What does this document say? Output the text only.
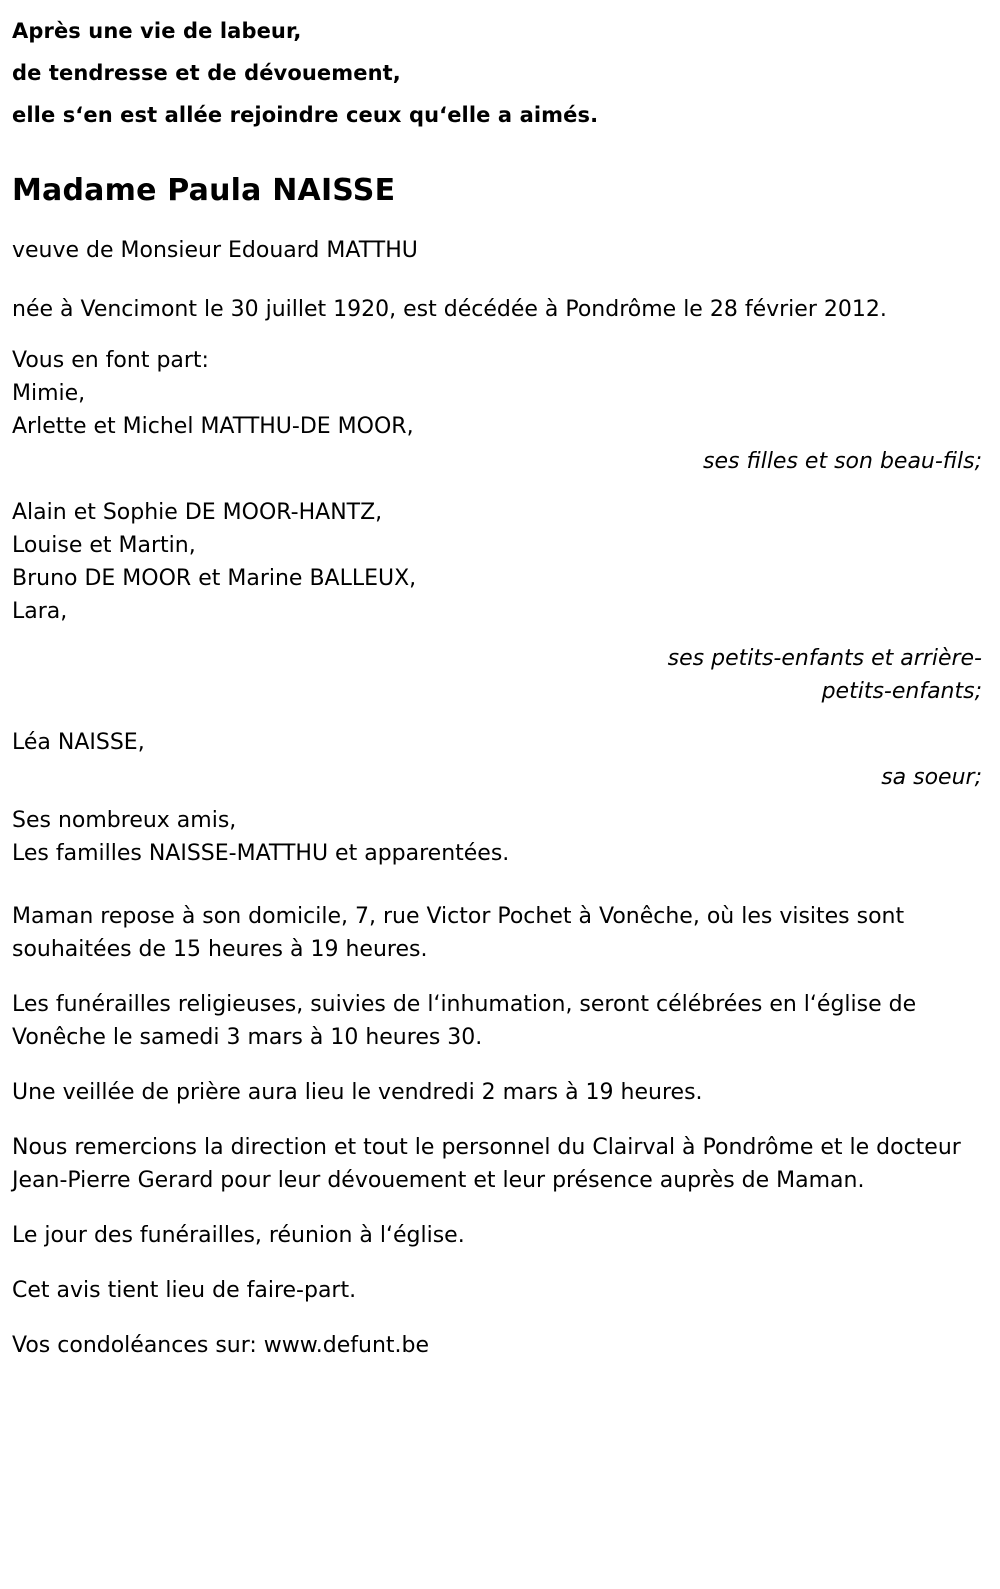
Après une vie de labeur,
de tendresse et de dévouement,
elle s‘en est allée rejoindre ceux qu‘elle a aimés.
Madame Paula NAISSE
veuve de Monsieur Edouard MATTHU
née à Vencimont le 30 juillet 1920, est décédée à Pondrôme le 28 février 2012.
Vous en font part:
Mimie,
Arlette et Michel MATTHU-DE MOOR,
ses filles et son beau-fils;
Alain et Sophie DE MOOR-HANTZ,
Louise et Martin,
Bruno DE MOOR et Marine BALLEUX,
Lara,
ses petits-enfants et arrière-petits-enfants;
Léa NAISSE,
sa soeur;
Ses nombreux amis,
Les familles NAISSE-MATTHU et apparentées.
Maman repose à son domicile, 7, rue Victor Pochet à Vonêche, où les visites sont souhaitées de 15 heures à 19 heures.
Les funérailles religieuses, suivies de l‘inhumation, seront célébrées en l‘église de Vonêche le samedi 3 mars à 10 heures 30.
Une veillée de prière aura lieu le vendredi 2 mars à 19 heures.
Nous remercions la direction et tout le personnel du Clairval à Pondrôme et le docteur Jean-Pierre Gerard pour leur dévouement et leur présence auprès de Maman.
Le jour des funérailles, réunion à l‘église.
Cet avis tient lieu de faire-part.
Vos condoléances sur: www.defunt.be
